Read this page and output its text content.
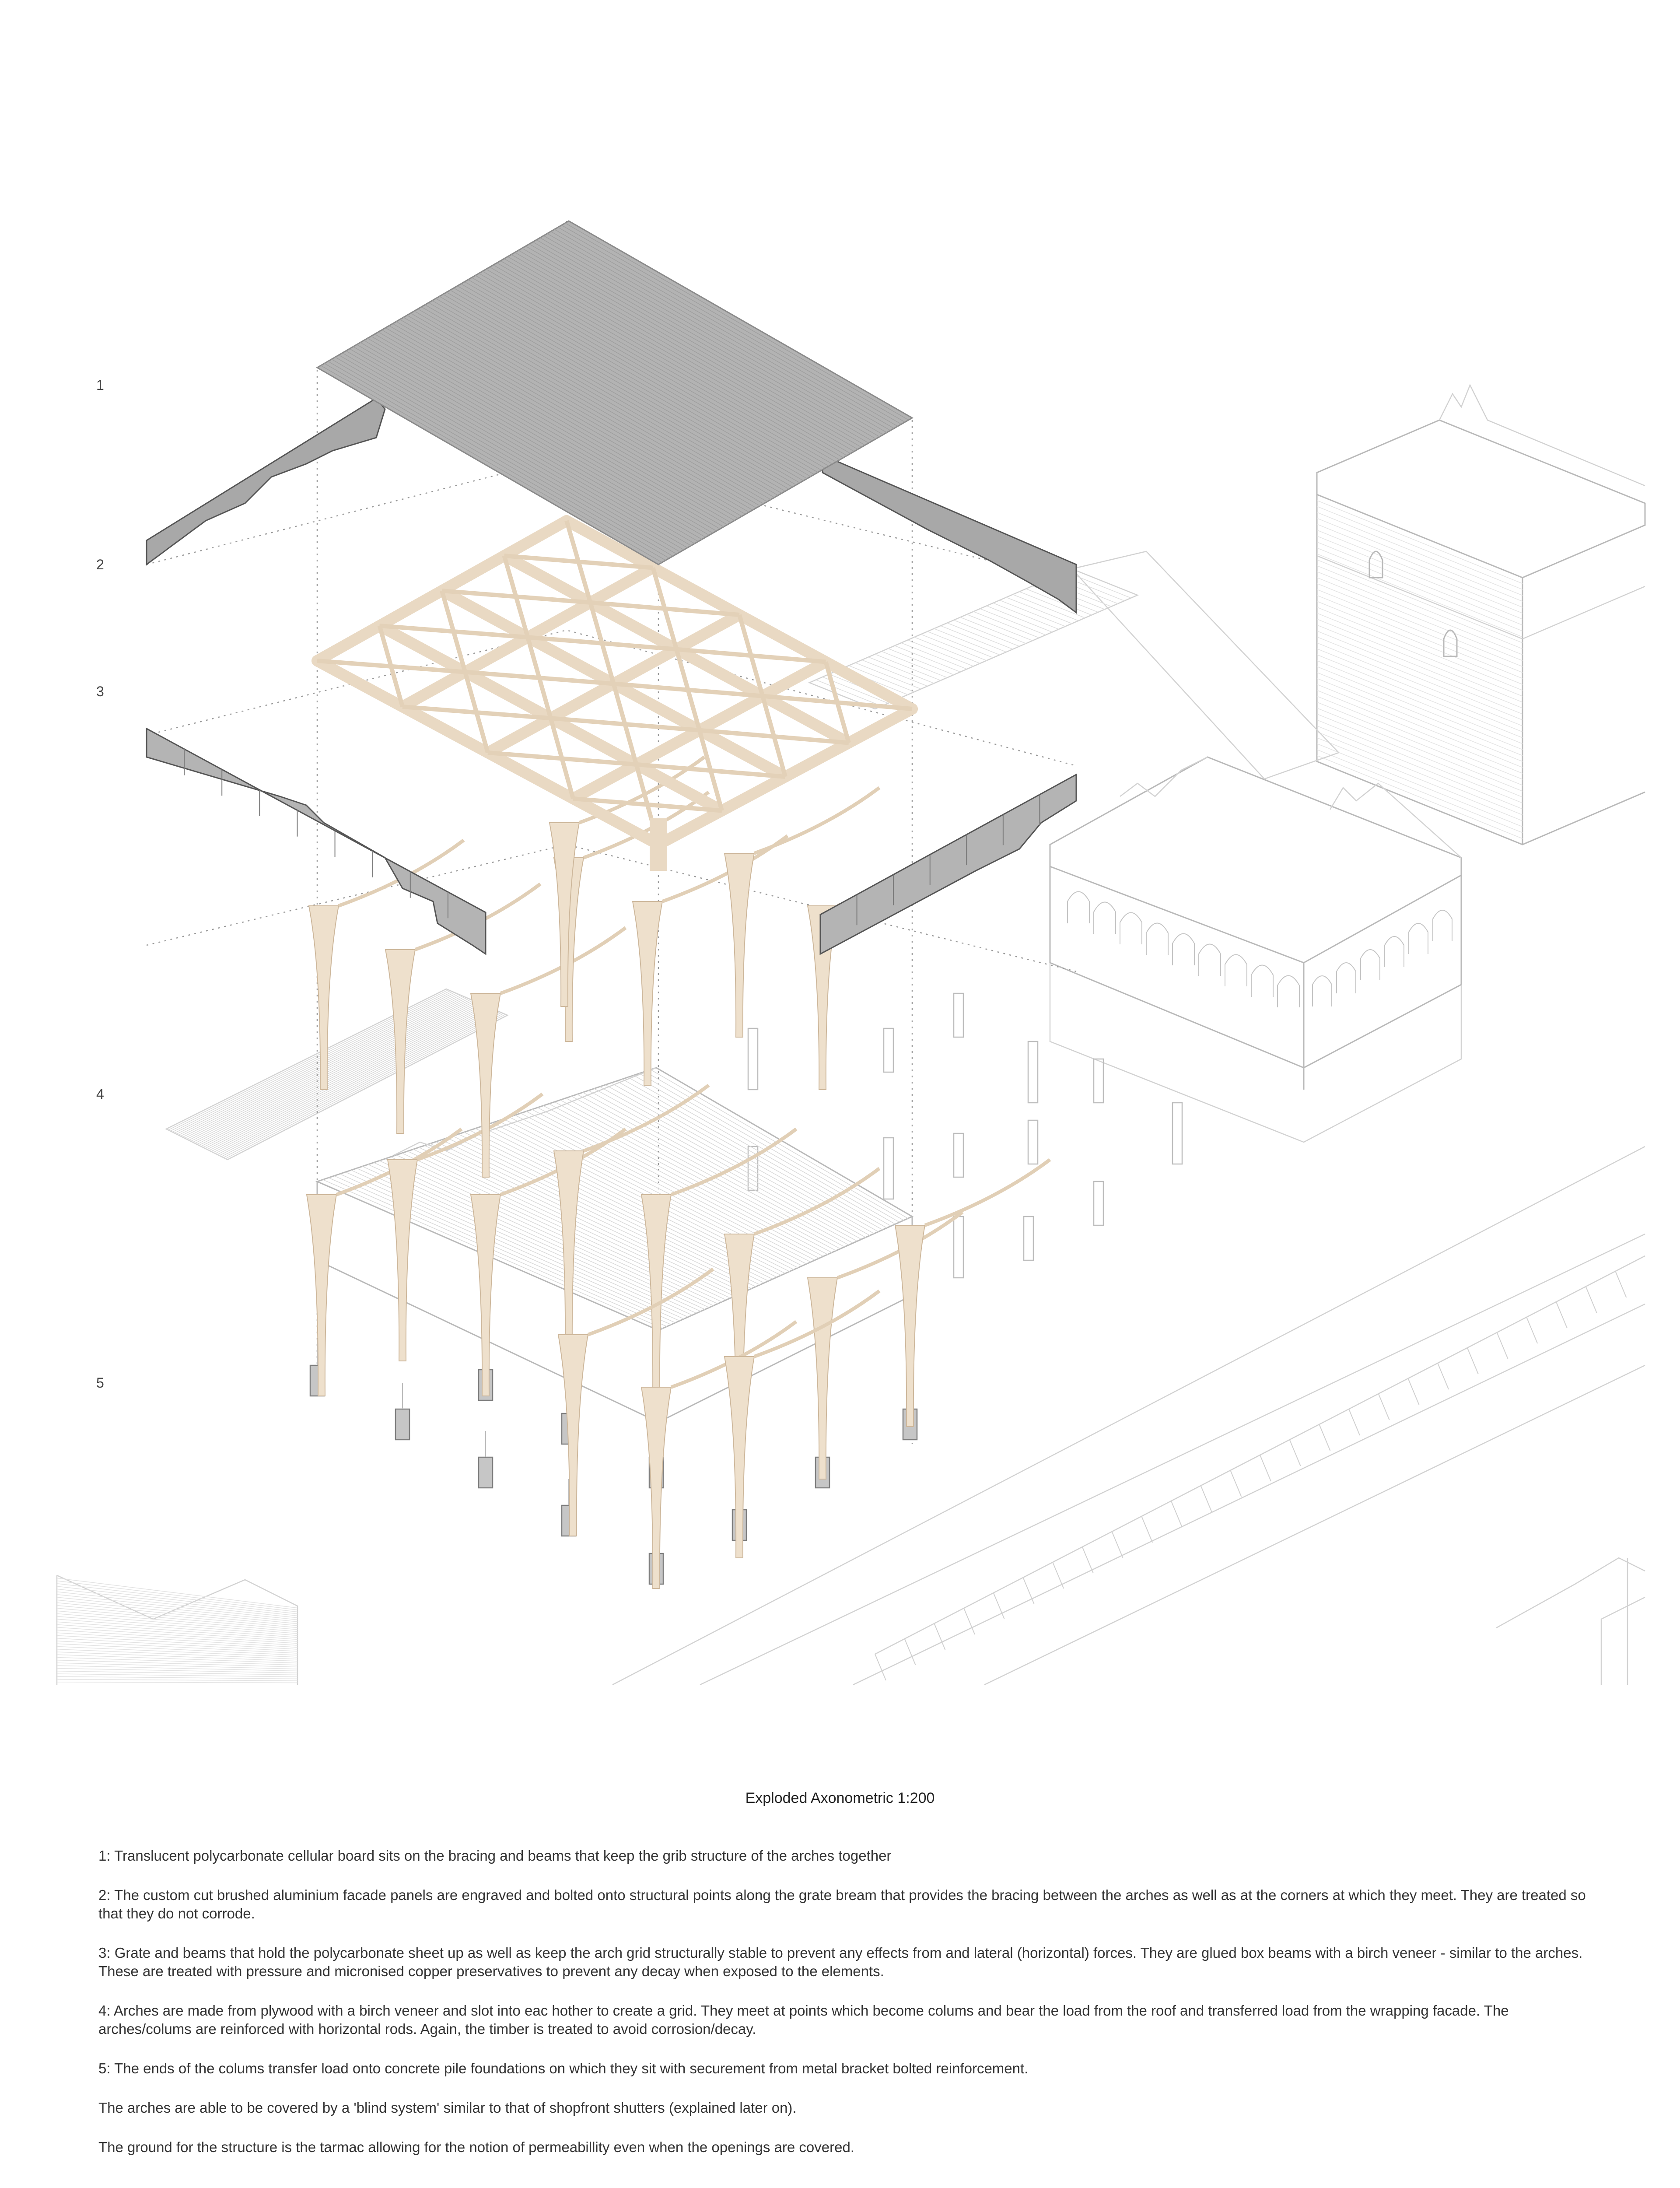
1
2
3
4
5
Exploded Axonometric 1:200

1: Translucent polycarbonate cellular board sits on the bracing and beams that keep the grib structure of the arches together

2: The custom cut brushed aluminium facade panels are engraved and bolted onto structural points along the grate bream that provides the bracing between the arches as well as at the corners at which they meet. They are treated so that they do not corrode.

3: Grate and beams that hold the polycarbonate sheet up as well as keep the arch grid structurally stable to prevent any effects from and lateral (horizontal) forces. They are glued box beams with a birch veneer - similar to the arches. These are treated with pressure and micronised copper preservatives to prevent any decay when exposed to the elements.

4: Arches are made from plywood with a birch veneer and slot into eac hother to create a grid. They meet at points which become colums and bear the load from the roof and transferred load from the wrapping facade. The arches/colums are reinforced with horizontal rods. Again, the timber is treated to avoid corrosion/decay.

5: The ends of the colums transfer load onto concrete pile foundations on which they sit with securement from metal bracket bolted reinforcement.

The arches are able to be covered by a 'blind system' similar to that of shopfront shutters (explained later on).

The ground for the structure is the tarmac allowing for the notion of permeabillity even when the openings are covered.
